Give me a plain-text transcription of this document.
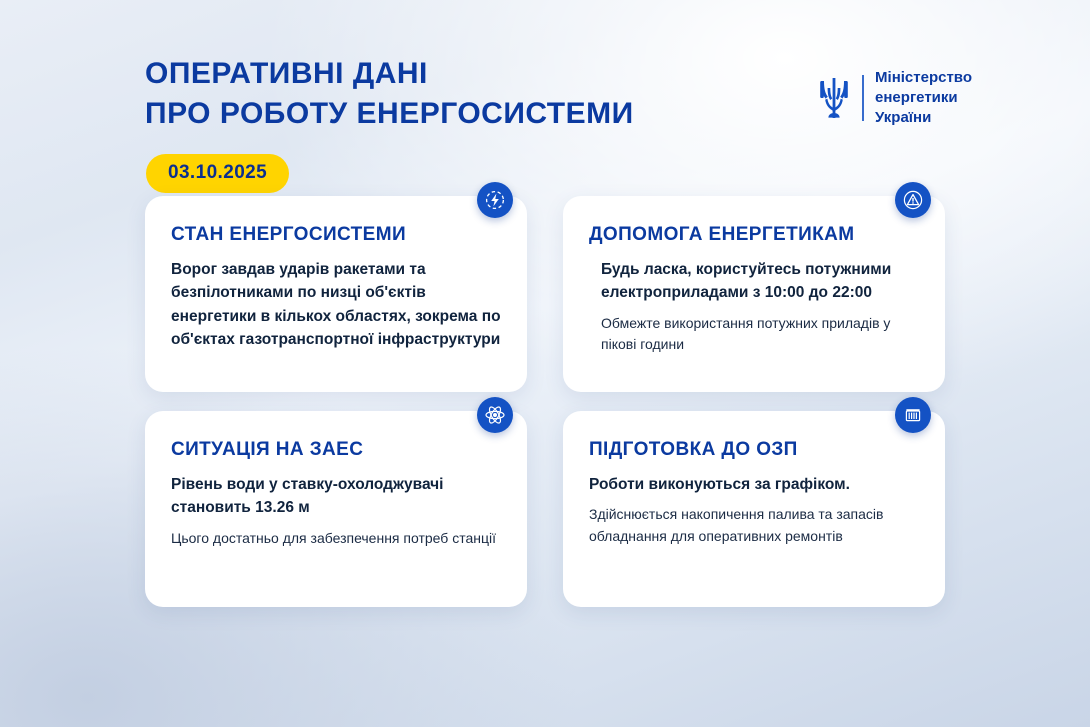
ОПЕРАТИВНІ ДАНІ
ПРО РОБОТУ ЕНЕРГОСИСТЕМИ
03.10.2025
Міністерство
енергетики
України
СТАН ЕНЕРГОСИСТЕМИ
Ворог завдав ударів ракетами та безпілотниками по низці об'єктів енергетики в кількох областях, зокрема по об'єктах газотранспортної інфраструктури
ДОПОМОГА ЕНЕРГЕТИКАМ
Будь ласка, користуйтесь потужними електроприладами з 10:00 до 22:00
Обмежте використання потужних приладів у пікові години
СИТУАЦІЯ НА ЗАЕС
Рівень води у ставку-охолоджувачі становить 13.26 м
Цього достатньо для забезпечення потреб станції
ПІДГОТОВКА ДО ОЗП
Роботи виконуються за графіком.
Здійснюється накопичення палива та запасів обладнання для оперативних ремонтів
